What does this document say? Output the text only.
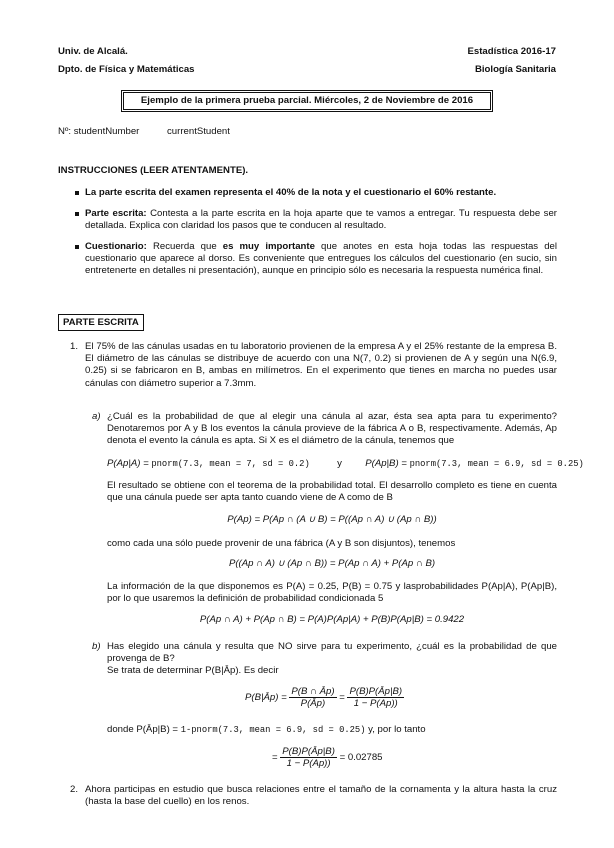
Univ. de Alcalá.
Dpto. de Física y Matemáticas
Estadística 2016-17
Biología Sanitaria
Ejemplo de la primera prueba parcial. Miércoles, 2 de Noviembre de 2016
Nº: studentNumber	currentStudent
INSTRUCCIONES (LEER ATENTAMENTE).
La parte escrita del examen representa el 40% de la nota y el cuestionario el 60% restante.
Parte escrita: Contesta a la parte escrita en la hoja aparte que te vamos a entregar. Tu respuesta debe ser detallada. Explica con claridad los pasos que te conducen al resultado.
Cuestionario: Recuerda que es muy importante que anotes en esta hoja todas las respuestas del cuestionario que aparece al dorso. Es conveniente que entregues los cálculos del cuestionario (en sucio, sin entretenerte en detalles ni presentación), aunque en principio sólo es necesaria la respuesta numérica final.
PARTE ESCRITA
1. El 75% de las cánulas usadas en tu laboratorio provienen de la empresa A y el 25% restante de la empresa B. El diámetro de las cánulas se distribuye de acuerdo con una N(7, 0.2) si provienen de A y según una N(6.9, 0.25) si se fabricaron en B, ambas en milímetros. En el experimento que tienes en marcha no puedes usar cánulas con diámetro superior a 7.3mm.
a) ¿Cuál es la probabilidad de que al elegir una cánula al azar, ésta sea apta para tu experimento? Denotaremos por A y B los eventos la cánula provieve de la fábrica A o B, respectivamente. Además, Ap denota el evento la cánula es apta. Si X es el diámetro de la cánula, tenemos que
P(Ap|A) = pnorm(7.3, mean = 7, sd = 0.2)	y P(Ap|B) = pnorm(7.3, mean = 6.9, sd = 0.25)
El resultado se obtiene con el teorema de la probabilidad total. El desarrollo completo es tiene en cuenta que una cánula puede ser apta tanto cuando viene de A como de B
P(Ap) = P(Ap ∩ (A ∪ B) = P((Ap ∩ A) ∪ (Ap ∩ B))
como cada una sólo puede provenir de una fábrica (A y B son disjuntos), tenemos
P((Ap ∩ A) ∪ (Ap ∩ B)) = P(Ap ∩ A) + P(Ap ∩ B)
La información de la que disponemos es P(A) = 0.25, P(B) = 0.75 y lasprobabilidades P(Ap|A), P(Ap|B), por lo que usaremos la definición de probabilidad condicionada 5
P(Ap ∩ A) + P(Ap ∩ B) = P(A)P(Ap|A) + P(B)P(Ap|B) = 0.9422
b) Has elegido una cánula y resulta que NO sirve para tu experimento, ¿cuál es la probabilidad de que provenga de B?
Se trata de determinar P(B|Āp). Es decir
P(B|Āp) = $\frac{P(B \cap Āp)}{P(Āp)} = \frac{P(B)P(Āp|B)}{1 - P(Ap))}$
donde P(Āp|B) = 1-pnorm(7.3, mean = 6.9, sd = 0.25) y, por lo tanto
= $\frac{P(B)P(Āp|B)}{1 - P(Ap))} = 0.02785$
2. Ahora participas en estudio que busca relaciones entre el tamaño de la cornamenta y la altura hasta la cruz (hasta la base del cuello) en los renos.
